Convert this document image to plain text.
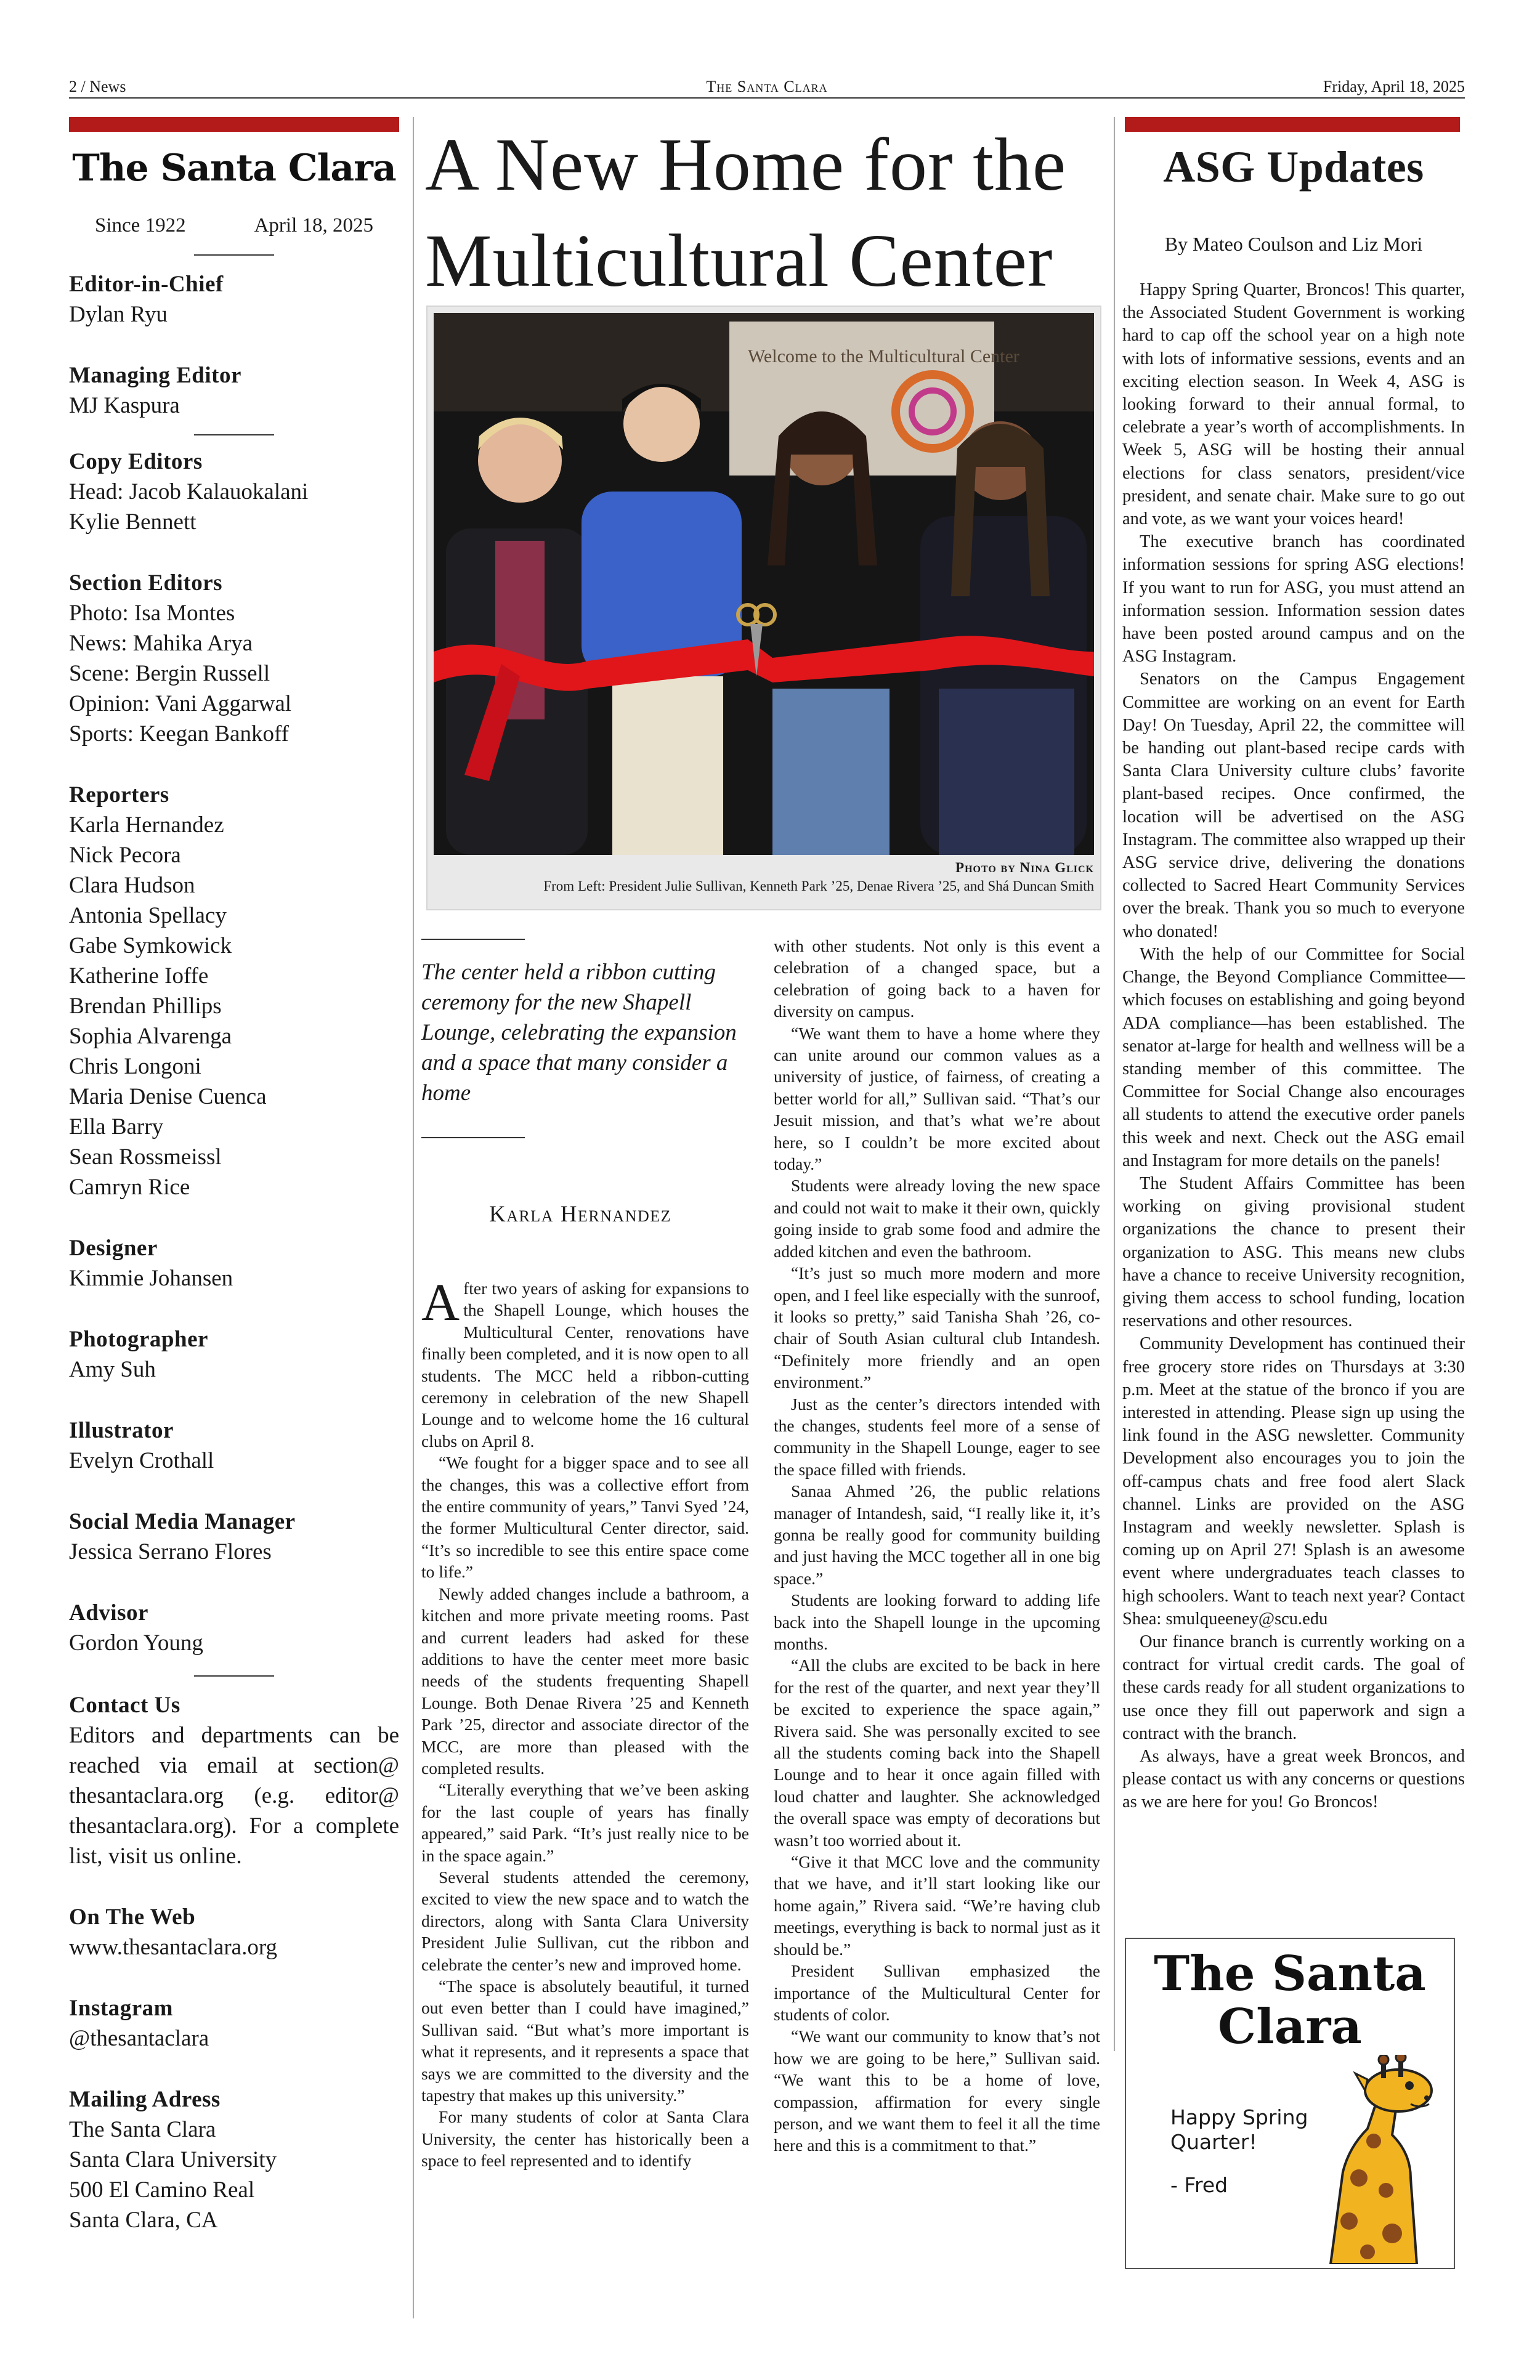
2 / News	The Santa Clara	Friday, April 18, 2025
The Santa Clara
Since 1922	April 18, 2025

Editor-in-Chief

Dylan Ryu

Managing Editor

MJ Kaspura

Copy Editors

Head: Jacob Kalauokalani

Kylie Bennett

Section Editors

Photo: Isa Montes

News: Mahika Arya

Scene: Bergin Russell

Opinion: Vani Aggarwal

Sports: Keegan Bankoff

Reporters

Karla Hernandez

Nick Pecora

Clara Hudson

Antonia Spellacy

Gabe Symkowick

Katherine Ioffe

Brendan Phillips

Sophia Alvarenga

Chris Longoni

Maria Denise Cuenca

Ella Barry

Sean Rossmeissl

Camryn Rice

Designer

Kimmie Johansen

Photographer

Amy Suh

Illustrator

Evelyn Crothall

Social Media Manager

Jessica Serrano Flores

Advisor

Gordon Young

Contact Us

Editors and departments can be reached via email at section@ thesantaclara.org (e.g. editor@ thesantaclara.org). For a complete list, visit us online.

On The Web

www.thesantaclara.org

Instagram

@thesantaclara

Mailing Adress

The Santa Clara

Santa Clara University

500 El Camino Real

Santa Clara, CA

A New Home for the
Multicultural Center
Welcome to the Multicultural Center
Photo by Nina Glick
From Left: President Julie Sullivan, Kenneth Park ’25, Denae Rivera ’25, and Shá Duncan Smith
The center held a ribbon cutting ceremony for the new Shapell Lounge, celebrating the expansion and a space that many consider a home
Karla Hernandez

After two years of asking for expansions to the Shapell Lounge, which houses the Multicultural Center, renovations have finally been completed, and it is now open to all students. The MCC held a ribbon-cutting ceremony in celebration of the new Shapell Lounge and to welcome home the 16 cultural clubs on April 8.

“We fought for a bigger space and to see all the changes, this was a collective effort from the entire community of years,” Tanvi Syed ’24, the former Multicultural Center director, said. “It’s so incredible to see this entire space come to life.”

Newly added changes include a bathroom, a kitchen and more private meeting rooms. Past and current leaders had asked for these additions to have the center meet more basic needs of the students frequenting Shapell Lounge. Both Denae Rivera ’25 and Kenneth Park ’25, director and associate director of the MCC, are more than pleased with the completed results.

“Literally everything that we’ve been asking for the last couple of years has finally appeared,” said Park. “It’s just really nice to be in the space again.”

Several students attended the ceremony, excited to view the new space and to watch the directors, along with Santa Clara University President Julie Sullivan, cut the ribbon and celebrate the center’s new and improved home.

“The space is absolutely beautiful, it turned out even better than I could have imagined,” Sullivan said. “But what’s more important is what it represents, and it represents a space that says we are committed to the diversity and the tapestry that makes up this university.”

For many students of color at Santa Clara University, the center has historically been a space to feel represented and to identify

with other students. Not only is this event a celebration of a changed space, but a celebration of going back to a haven for diversity on campus.

“We want them to have a home where they can unite around our common values as a university of justice, of fairness, of creating a better world for all,” Sullivan said. “That’s our Jesuit mission, and that’s what we’re about here, so I couldn’t be more excited about today.”

Students were already loving the new space and could not wait to make it their own, quickly going inside to grab some food and admire the added kitchen and even the bathroom.

“It’s just so much more modern and more open, and I feel like especially with the sunroof, it looks so pretty,” said Tanisha Shah ’26, co-chair of South Asian cultural club Intandesh. “Definitely more friendly and an open environment.”

Just as the center’s directors intended with the changes, students feel more of a sense of community in the Shapell Lounge, eager to see the space filled with friends.

Sanaa Ahmed ’26, the public relations manager of Intandesh, said, “I really like it, it’s gonna be really good for community building and just having the MCC together all in one big space.”

Students are looking forward to adding life back into the Shapell lounge in the upcoming months.

“All the clubs are excited to be back in here for the rest of the quarter, and next year they’ll be excited to experience the space again,” Rivera said. She was personally excited to see all the students coming back into the Shapell Lounge and to hear it once again filled with loud chatter and laughter. She acknowledged the overall space was empty of decorations but wasn’t too worried about it.

“Give it that MCC love and the community that we have, and it’ll start looking like our home again,” Rivera said. “We’re having club meetings, everything is back to normal just as it should be.”

President Sullivan emphasized the importance of the Multicultural Center for students of color.

“We want our community to know that’s not how we are going to be here,” Sullivan said. “We want this to be a home of love, compassion, affirmation for every single person, and we want them to feel it all the time here and this is a commitment to that.”

ASG Updates
By Mateo Coulson and Liz Mori

Happy Spring Quarter, Broncos! This quarter, the Associated Student Government is working hard to cap off the school year on a high note with lots of informative sessions, events and an exciting election season. In Week 4, ASG is looking forward to their annual formal, to celebrate a year’s worth of accomplishments. In Week 5, ASG will be hosting their annual elections for class senators, president/vice president, and senate chair. Make sure to go out and vote, as we want your voices heard!

The executive branch has coordinated information sessions for spring ASG elections! If you want to run for ASG, you must attend an information session. Information session dates have been posted around campus and on the ASG Instagram.

Senators on the Campus Engagement Committee are working on an event for Earth Day! On Tuesday, April 22, the committee will be handing out plant-based recipe cards with Santa Clara University culture clubs’ favorite plant-based recipes. Once confirmed, the location will be advertised on the ASG Instagram. The committee also wrapped up their ASG service drive, delivering the donations collected to Sacred Heart Community Services over the break. Thank you so much to everyone who donated!

With the help of our Committee for Social Change, the Beyond Compliance Committee—which focuses on establishing and going beyond ADA compliance—has been established. The senator at-large for health and wellness will be a standing member of this committee. The Committee for Social Change also encourages all students to attend the executive order panels this week and next. Check out the ASG email and Instagram for more details on the panels!

The Student Affairs Committee has been working on giving provisional student organizations the chance to present their organization to ASG. This means new clubs have a chance to receive University recognition, giving them access to school funding, location reservations and other resources.

Community Development has continued their free grocery store rides on Thursdays at 3:30 p.m. Meet at the statue of the bronco if you are interested in attending. Please sign up using the link found in the ASG newsletter. Community Development also encourages you to join the off-campus chats and free food alert Slack channel. Links are provided on the ASG Instagram and weekly newsletter. Splash is coming up on April 27! Splash is an awesome event where undergraduates teach classes to high schoolers. Want to teach next year? Contact Shea: smulqueeney@scu.edu

Our finance branch is currently working on a contract for virtual credit cards. The goal of these cards ready for all student organizations to use once they fill out paperwork and sign a contract with the branch.

As always, have a great week Broncos, and please contact us with any concerns or questions as we are here for you! Go Broncos!

The Santa
Clara
Happy Spring Quarter!
- Fred
